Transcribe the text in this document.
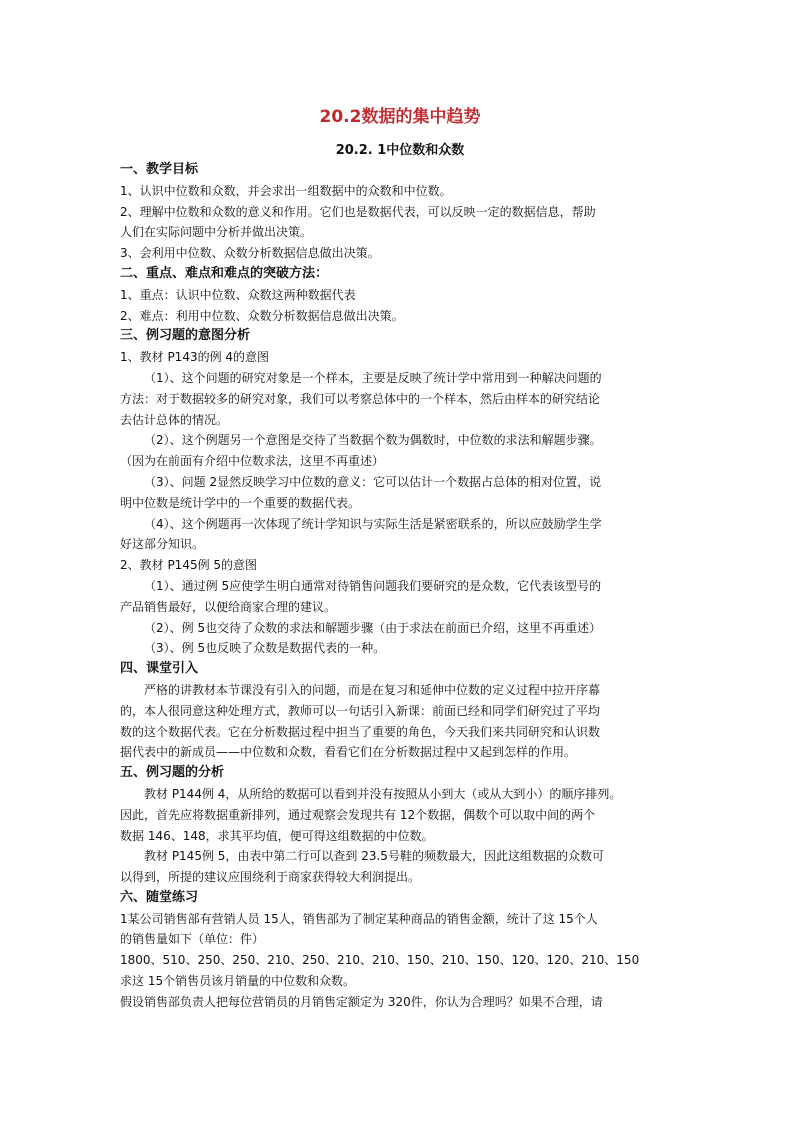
20.2数据的集中趋势
20.2. 1中位数和众数
一、教学目标
1、认识中位数和众数，并会求出一组数据中的众数和中位数。
2、理解中位数和众数的意义和作用。它们也是数据代表，可以反映一定的数据信息，帮助
人们在实际问题中分析并做出决策。
3、会利用中位数、众数分析数据信息做出决策。
二、重点、难点和难点的突破方法：
1、重点：认识中位数、众数这两种数据代表
2、难点：利用中位数、众数分析数据信息做出决策。
三、例习题的意图分析
1、教材 P143的例 4的意图
（1）、这个问题的研究对象是一个样本，主要是反映了统计学中常用到一种解决问题的
方法：对于数据较多的研究对象，我们可以考察总体中的一个样本，然后由样本的研究结论
去估计总体的情况。
（2）、这个例题另一个意图是交待了当数据个数为偶数时，中位数的求法和解题步骤。
（因为在前面有介绍中位数求法，这里不再重述）
（3）、问题 2显然反映学习中位数的意义：它可以估计一个数据占总体的相对位置，说
明中位数是统计学中的一个重要的数据代表。
（4）、这个例题再一次体现了统计学知识与实际生活是紧密联系的，所以应鼓励学生学
好这部分知识。
2、教材 P145例 5的意图
（1）、通过例 5应使学生明白通常对待销售问题我们要研究的是众数，它代表该型号的
产品销售最好，以便给商家合理的建议。
（2）、例 5也交待了众数的求法和解题步骤（由于求法在前面已介绍，这里不再重述）
（3）、例 5也反映了众数是数据代表的一种。
四、课堂引入
严格的讲教材本节课没有引入的问题，而是在复习和延伸中位数的定义过程中拉开序幕
的，本人很同意这种处理方式，教师可以一句话引入新课：前面已经和同学们研究过了平均
数的这个数据代表。它在分析数据过程中担当了重要的角色，今天我们来共同研究和认识数
据代表中的新成员——中位数和众数，看看它们在分析数据过程中又起到怎样的作用。
五、例习题的分析
教材 P144例 4，从所给的数据可以看到并没有按照从小到大（或从大到小）的顺序排列。
因此，首先应将数据重新排列，通过观察会发现共有 12个数据，偶数个可以取中间的两个
数据 146、148，求其平均值，便可得这组数据的中位数。
教材 P145例 5，由表中第二行可以查到 23.5号鞋的频数最大，因此这组数据的众数可
以得到，所提的建议应围绕利于商家获得较大利润提出。
六、随堂练习
1某公司销售部有营销人员 15人，销售部为了制定某种商品的销售金额，统计了这 15个人
的销售量如下（单位：件）
1800、510、250、250、210、250、210、210、150、210、150、120、120、210、150
求这 15个销售员该月销量的中位数和众数。
假设销售部负责人把每位营销员的月销售定额定为 320件，你认为合理吗？如果不合理，请
